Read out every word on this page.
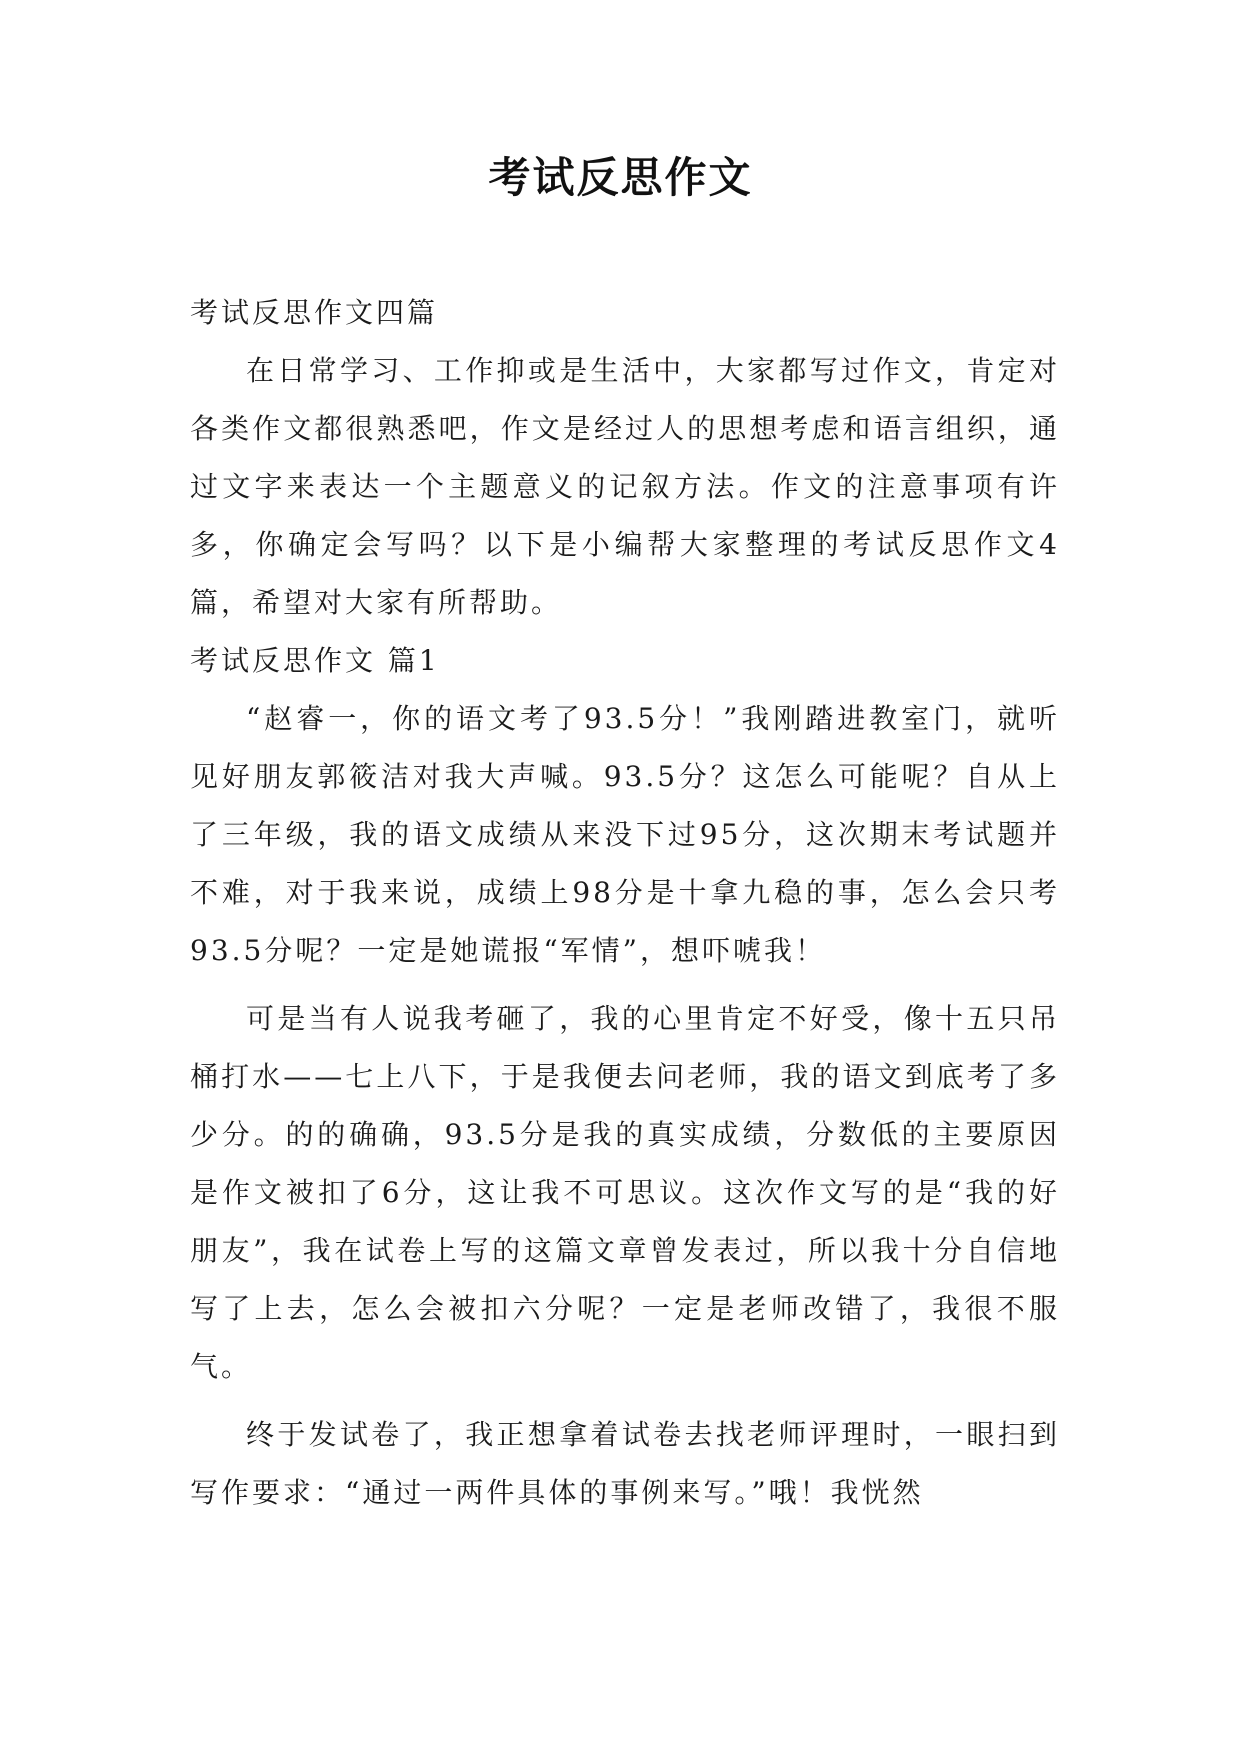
考试反思作文

考试反思作文四篇

在日常学习、工作抑或是生活中，大家都写过作文，肯定对各类作文都很熟悉吧，作文是经过人的思想考虑和语言组织，通过文字来表达一个主题意义的记叙方法。作文的注意事项有许多，你确定会写吗？以下是小编帮大家整理的考试反思作文4篇，希望对大家有所帮助。

考试反思作文 篇1

“赵睿一，你的语文考了93.5分！”我刚踏进教室门，就听见好朋友郭筱洁对我大声喊。93.5分？这怎么可能呢？自从上了三年级，我的语文成绩从来没下过95分，这次期末考试题并不难，对于我来说，成绩上98分是十拿九稳的事，怎么会只考93.5分呢？一定是她谎报“军情”，想吓唬我！

可是当有人说我考砸了，我的心里肯定不好受，像十五只吊桶打水——七上八下，于是我便去问老师，我的语文到底考了多少分。的的确确，93.5分是我的真实成绩，分数低的主要原因是作文被扣了6分，这让我不可思议。这次作文写的是“我的好朋友”，我在试卷上写的这篇文章曾发表过，所以我十分自信地写了上去，怎么会被扣六分呢？一定是老师改错了，我很不服气。

终于发试卷了，我正想拿着试卷去找老师评理时，一眼扫到写作要求：“通过一两件具体的事例来写。”哦！我恍然
